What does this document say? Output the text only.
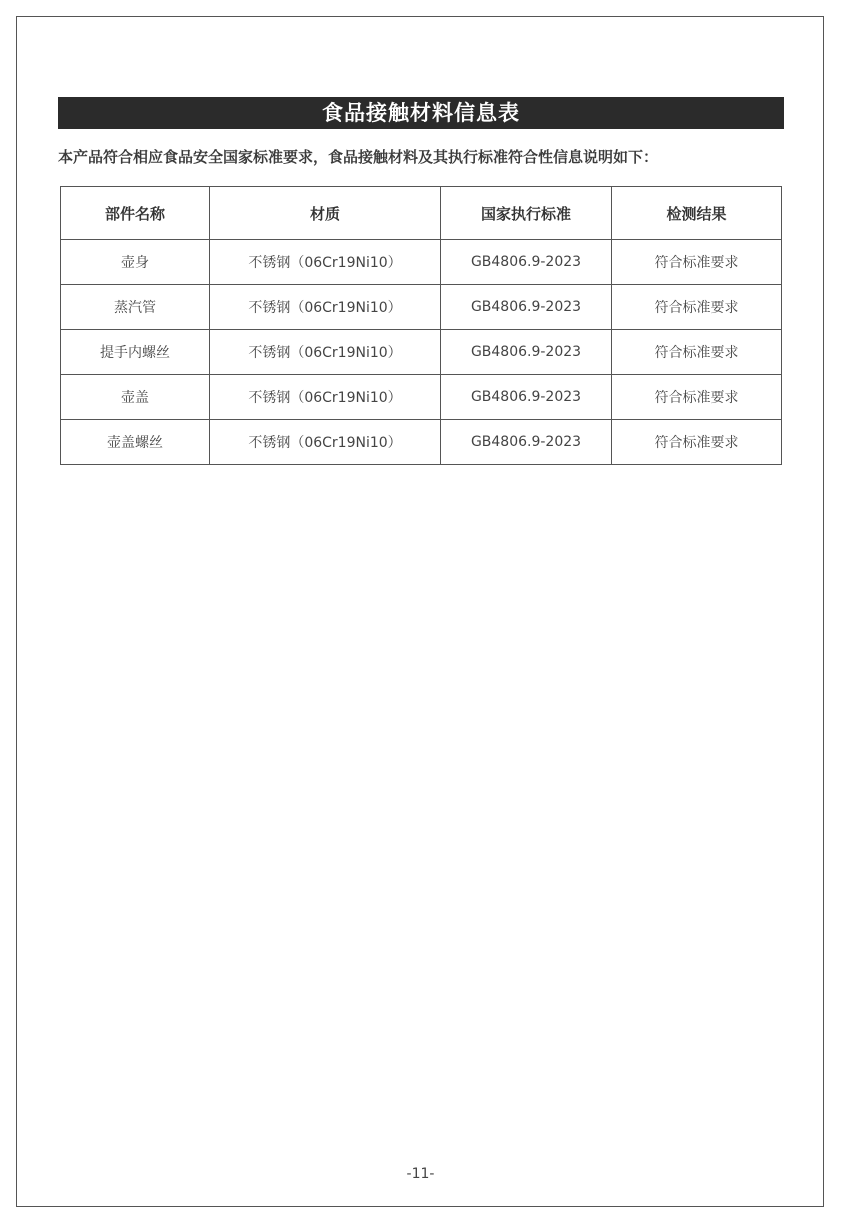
食品接触材料信息表
本产品符合相应食品安全国家标准要求，食品接触材料及其执行标准符合性信息说明如下：
部件名称	材质	国家执行标准	检测结果
壶身	不锈钢（06Cr19Ni10）	GB4806.9-2023	符合标准要求
蒸汽管	不锈钢（06Cr19Ni10）	GB4806.9-2023	符合标准要求
提手内螺丝	不锈钢（06Cr19Ni10）	GB4806.9-2023	符合标准要求
壶盖	不锈钢（06Cr19Ni10）	GB4806.9-2023	符合标准要求
壶盖螺丝	不锈钢（06Cr19Ni10）	GB4806.9-2023	符合标准要求
-11-
